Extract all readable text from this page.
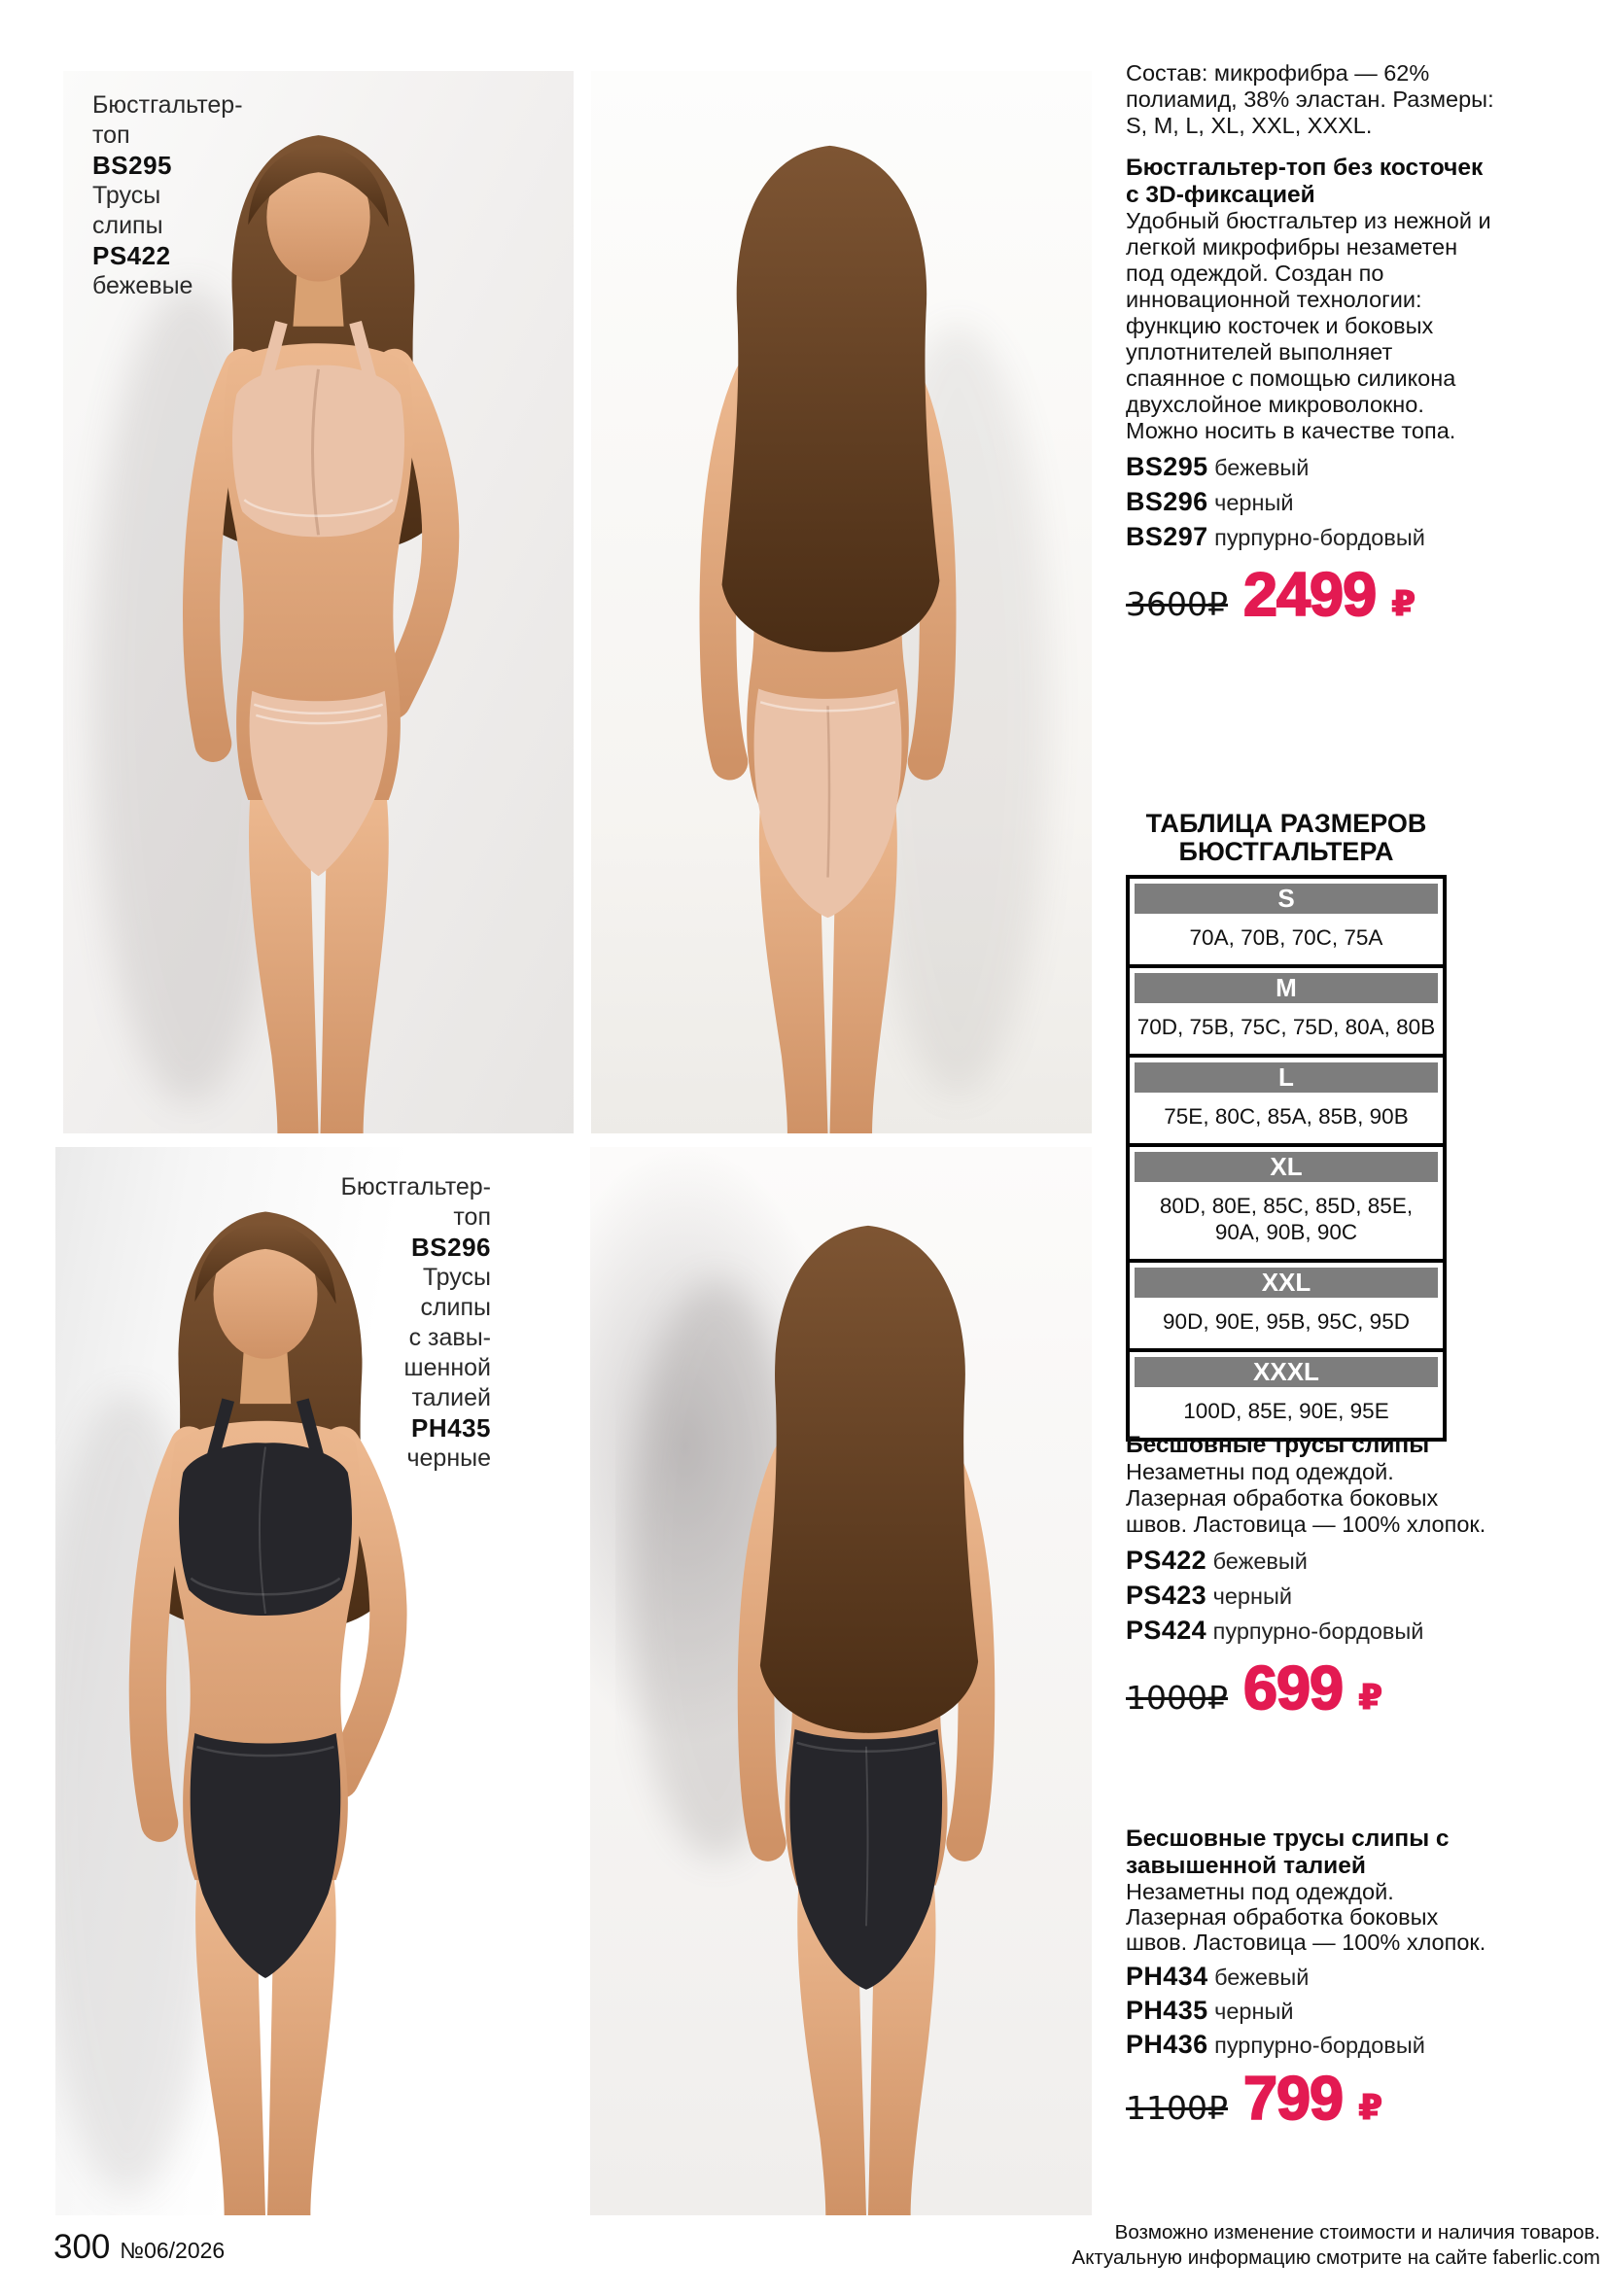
Бюстгальтер-
топ
BS295
Трусы
слипы
PS422
бежевые
Бюстгальтер-
топ
BS296
Трусы
слипы
с завы-
шенной
талией
PH435
черные

Состав: микрофибра — 62% полиамид, 38% эластан. Размеры: S, M, L, XL, XXL, XXXL.

Бюстгальтер-топ без косточек с 3D-фиксацией

Удобный бюстгальтер из нежной и легкой микрофибры незаметен под одеждой. Создан по инновационной технологии: функцию косточек и боковых уплотнителей выполняет спаянное с помощью силикона двухслойное микроволокно. Можно носить в качестве топа.

BS295 бежевый
BS296 черный
BS297 пурпурно-бордовый
3600₽ 2499 ₽
ТАБЛИЦА РАЗМЕРОВ
БЮСТГАЛЬТЕРА
S
70A, 70B, 70C, 75A
M
70D, 75B, 75C, 75D, 80A, 80B
L
75E, 80C, 85A, 85B, 90B
XL
80D, 80E, 85C, 85D, 85E, 90A, 90B, 90C
XXL
90D, 90E, 95B, 95C, 95D
XXXL
100D, 85E, 90E, 95E
Бесшовные трусы слипы

Незаметны под одеждой. Лазерная обработка боковых швов. Ластовица — 100% хлопок.

PS422 бежевый
PS423 черный
PS424 пурпурно-бордовый
1000₽ 699 ₽
Бесшовные трусы слипы с завышенной талией

Незаметны под одеждой. Лазерная обработка боковых швов. Ластовица — 100% хлопок.

PH434 бежевый
PH435 черный
PH436 пурпурно-бордовый
1100₽ 799 ₽
300 №06/2026
Возможно изменение стоимости и наличия товаров.
Актуальную информацию смотрите на сайте faberlic.com
